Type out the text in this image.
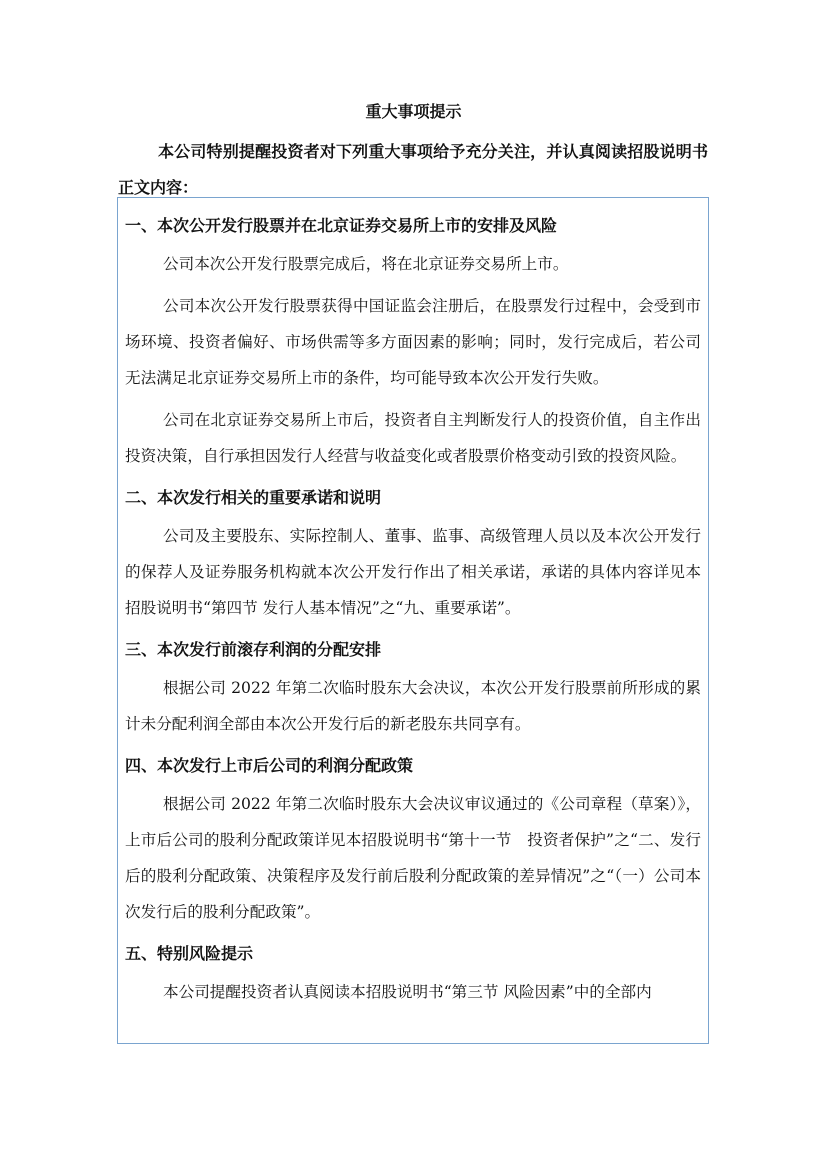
重大事项提示
本公司特别提醒投资者对下列重大事项给予充分关注，并认真阅读招股说明书正文内容：
一、本次公开发行股票并在北京证券交易所上市的安排及风险

公司本次公开发行股票完成后，将在北京证券交易所上市。

公司本次公开发行股票获得中国证监会注册后，在股票发行过程中，会受到市场环境、投资者偏好、市场供需等多方面因素的影响；同时，发行完成后，若公司无法满足北京证券交易所上市的条件，均可能导致本次公开发行失败。

公司在北京证券交易所上市后，投资者自主判断发行人的投资价值，自主作出投资决策，自行承担因发行人经营与收益变化或者股票价格变动引致的投资风险。

二、本次发行相关的重要承诺和说明

公司及主要股东、实际控制人、董事、监事、高级管理人员以及本次公开发行的保荐人及证券服务机构就本次公开发行作出了相关承诺，承诺的具体内容详见本招股说明书“第四节 发行人基本情况”之“九、重要承诺”。

三、本次发行前滚存利润的分配安排

根据公司 2022 年第二次临时股东大会决议，本次公开发行股票前所形成的累计未分配利润全部由本次公开发行后的新老股东共同享有。

四、本次发行上市后公司的利润分配政策

根据公司 2022 年第二次临时股东大会决议审议通过的《公司章程（草案）》，上市后公司的股利分配政策详见本招股说明书“第十一节　投资者保护”之“二、发行后的股利分配政策、决策程序及发行前后股利分配政策的差异情况”之“（一）公司本次发行后的股利分配政策”。

五、特别风险提示

本公司提醒投资者认真阅读本招股说明书“第三节 风险因素”中的全部内
